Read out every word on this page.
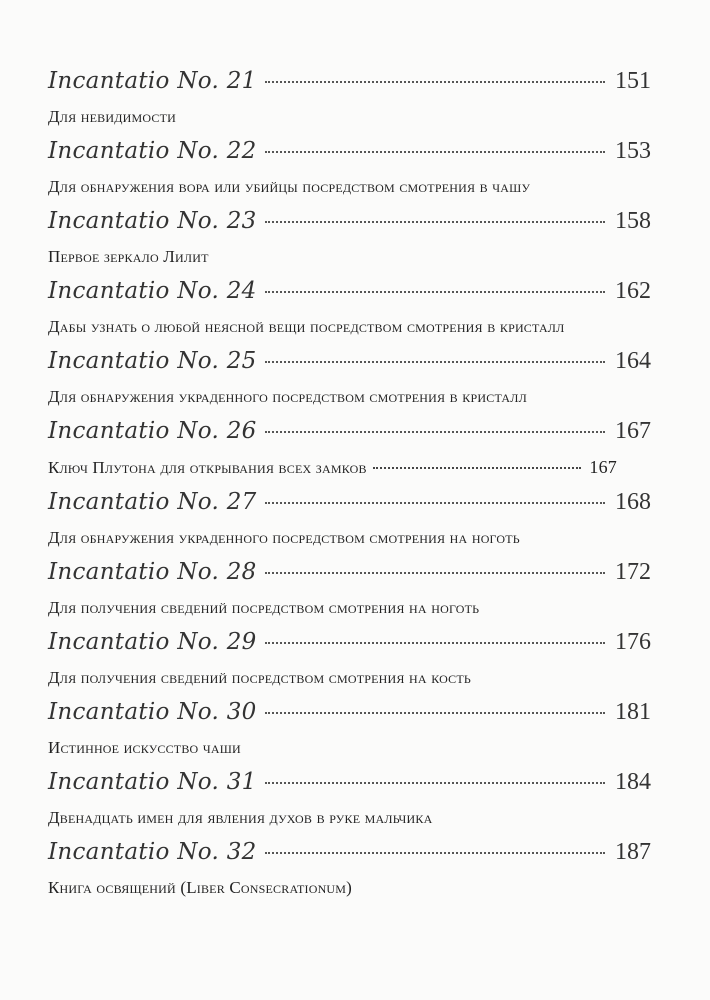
Incantatio No. 21	151
Для невидимости
Incantatio No. 22	153
Для обнаружения вора или убийцы посредством смотрения в чашу
Incantatio No. 23	158
Первое зеркало Лилит
Incantatio No. 24	162
Дабы узнать о любой неясной вещи посредством смотрения в кристалл
Incantatio No. 25	164
Для обнаружения украденного посредством смотрения в кристалл
Incantatio No. 26	167
Ключ Плутона для открывания всех замков	167
Incantatio No. 27	168
Для обнаружения украденного посредством смотрения на ноготь
Incantatio No. 28	172
Для получения сведений посредством смотрения на ноготь
Incantatio No. 29	176
Для получения сведений посредством смотрения на кость
Incantatio No. 30	181
Истинное искусство чаши
Incantatio No. 31	184
Двенадцать имен для явления духов в руке мальчика
Incantatio No. 32	187
Книга освящений (Liber Consecrationum)
